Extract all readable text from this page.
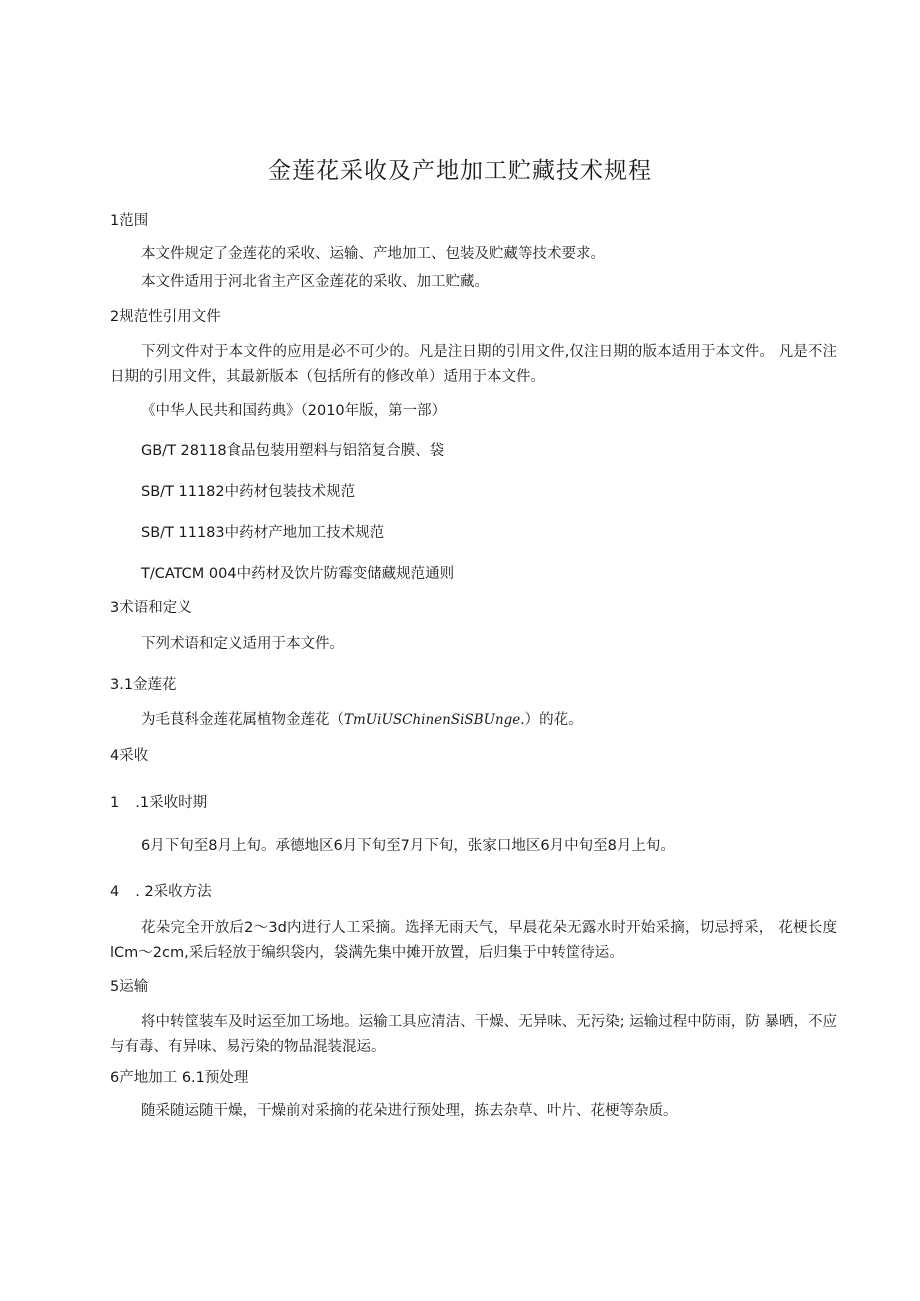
金莲花采收及产地加工贮藏技术规程

1范围

本文件规定了金莲花的采收、运输、产地加工、包装及贮藏等技术要求。

本文件适用于河北省主产区金莲花的采收、加工贮藏。

2规范性引用文件

下列文件对于本文件的应用是必不可少的。凡是注日期的引用文件,仅注日期的版本适用于本文件。 凡是不注日期的引用文件，其最新版本（包括所有的修改单）适用于本文件。

《中华人民共和国药典》（2010年版，第一部）

GB/T 28118食品包装用塑料与铝箔复合膜、袋

SB/T 11182中药材包装技术规范

SB/T 11183中药材产地加工技术规范

T/CATCM 004中药材及饮片防霉变储藏规范通则

3术语和定义

下列术语和定义适用于本文件。

3.1金莲花

为毛茛科金莲花属植物金莲花（TmUiUSChinenSiSBUnge.）的花。

4采收

1 .1采收时期

6月下旬至8月上旬。承德地区6月下旬至7月下旬，张家口地区6月中旬至8月上旬。

4 . 2采收方法

花朵完全开放后2～3d内进行人工采摘。选择无雨天气，早晨花朵无露水时开始采摘，切忌捋采， 花梗长度lCm～2cm,采后轻放于编织袋内，袋满先集中摊开放置，后归集于中转筐待运。

5运输

将中转筐装车及时运至加工场地。运输工具应清洁、干燥、无异味、无污染; 运输过程中防雨，防 暴晒，不应与有毒、有异味、易污染的物品混装混运。

6产地加工 6.1预处理

随采随运随干燥，干燥前对采摘的花朵进行预处理，拣去杂草、叶片、花梗等杂质。
